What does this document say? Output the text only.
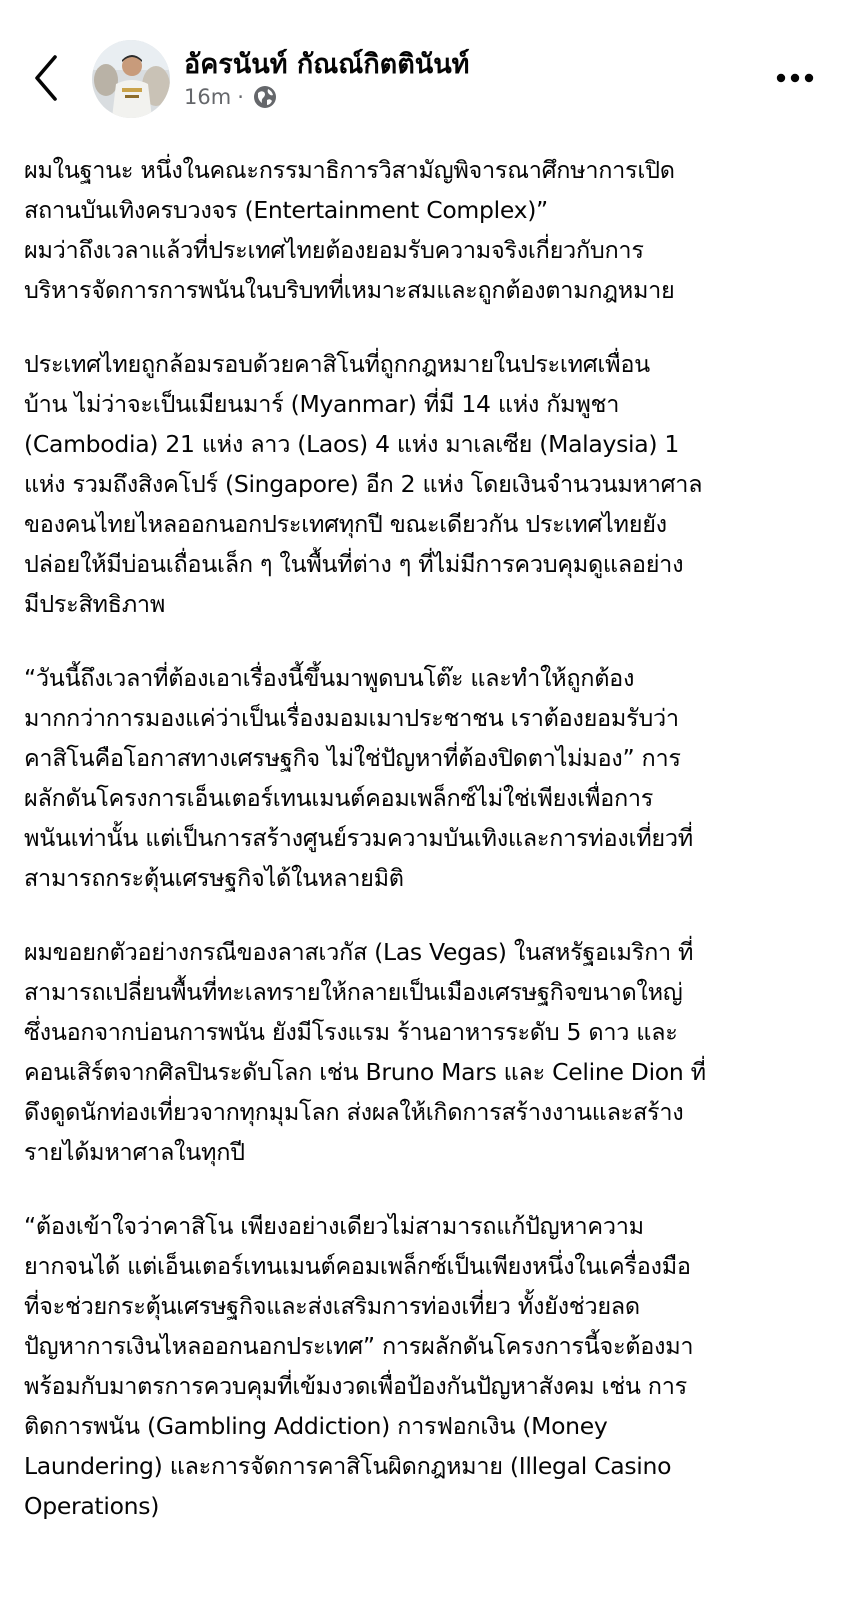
อัครนันท์ กัณณ์กิตตินันท์
16m ·

ผมในฐานะ หนึ่งในคณะกรรมาธิการวิสามัญพิจารณาศึกษาการเปิด
สถานบันเทิงครบวงจร (Entertainment Complex)”
ผมว่าถึงเวลาแล้วที่ประเทศไทยต้องยอมรับความจริงเกี่ยวกับการ
บริหารจัดการการพนันในบริบทที่เหมาะสมและถูกต้องตามกฎหมาย

ประเทศไทยถูกล้อมรอบด้วยคาสิโนที่ถูกกฎหมายในประเทศเพื่อน
บ้าน ไม่ว่าจะเป็นเมียนมาร์ (Myanmar) ที่มี 14 แห่ง กัมพูชา
(Cambodia) 21 แห่ง ลาว (Laos) 4 แห่ง มาเลเซีย (Malaysia) 1
แห่ง รวมถึงสิงคโปร์ (Singapore) อีก 2 แห่ง โดยเงินจำนวนมหาศาล
ของคนไทยไหลออกนอกประเทศทุกปี ขณะเดียวกัน ประเทศไทยยัง
ปล่อยให้มีบ่อนเถื่อนเล็ก ๆ ในพื้นที่ต่าง ๆ ที่ไม่มีการควบคุมดูแลอย่าง
มีประสิทธิภาพ

“วันนี้ถึงเวลาที่ต้องเอาเรื่องนี้ขึ้นมาพูดบนโต๊ะ และทำให้ถูกต้อง
มากกว่าการมองแค่ว่าเป็นเรื่องมอมเมาประชาชน เราต้องยอมรับว่า
คาสิโนคือโอกาสทางเศรษฐกิจ ไม่ใช่ปัญหาที่ต้องปิดตาไม่มอง” การ
ผลักดันโครงการเอ็นเตอร์เทนเมนต์คอมเพล็กซ์ไม่ใช่เพียงเพื่อการ
พนันเท่านั้น แต่เป็นการสร้างศูนย์รวมความบันเทิงและการท่องเที่ยวที่
สามารถกระตุ้นเศรษฐกิจได้ในหลายมิติ

ผมขอยกตัวอย่างกรณีของลาสเวกัส (Las Vegas) ในสหรัฐอเมริกา ที่
สามารถเปลี่ยนพื้นที่ทะเลทรายให้กลายเป็นเมืองเศรษฐกิจขนาดใหญ่
ซึ่งนอกจากบ่อนการพนัน ยังมีโรงแรม ร้านอาหารระดับ 5 ดาว และ
คอนเสิร์ตจากศิลปินระดับโลก เช่น Bruno Mars และ Celine Dion ที่
ดึงดูดนักท่องเที่ยวจากทุกมุมโลก ส่งผลให้เกิดการสร้างงานและสร้าง
รายได้มหาศาลในทุกปี

“ต้องเข้าใจว่าคาสิโน เพียงอย่างเดียวไม่สามารถแก้ปัญหาความ
ยากจนได้ แต่เอ็นเตอร์เทนเมนต์คอมเพล็กซ์เป็นเพียงหนึ่งในเครื่องมือ
ที่จะช่วยกระตุ้นเศรษฐกิจและส่งเสริมการท่องเที่ยว ทั้งยังช่วยลด
ปัญหาการเงินไหลออกนอกประเทศ” การผลักดันโครงการนี้จะต้องมา
พร้อมกับมาตรการควบคุมที่เข้มงวดเพื่อป้องกันปัญหาสังคม เช่น การ
ติดการพนัน (Gambling Addiction) การฟอกเงิน (Money
Laundering) และการจัดการคาสิโนผิดกฎหมาย (Illegal Casino
Operations)
